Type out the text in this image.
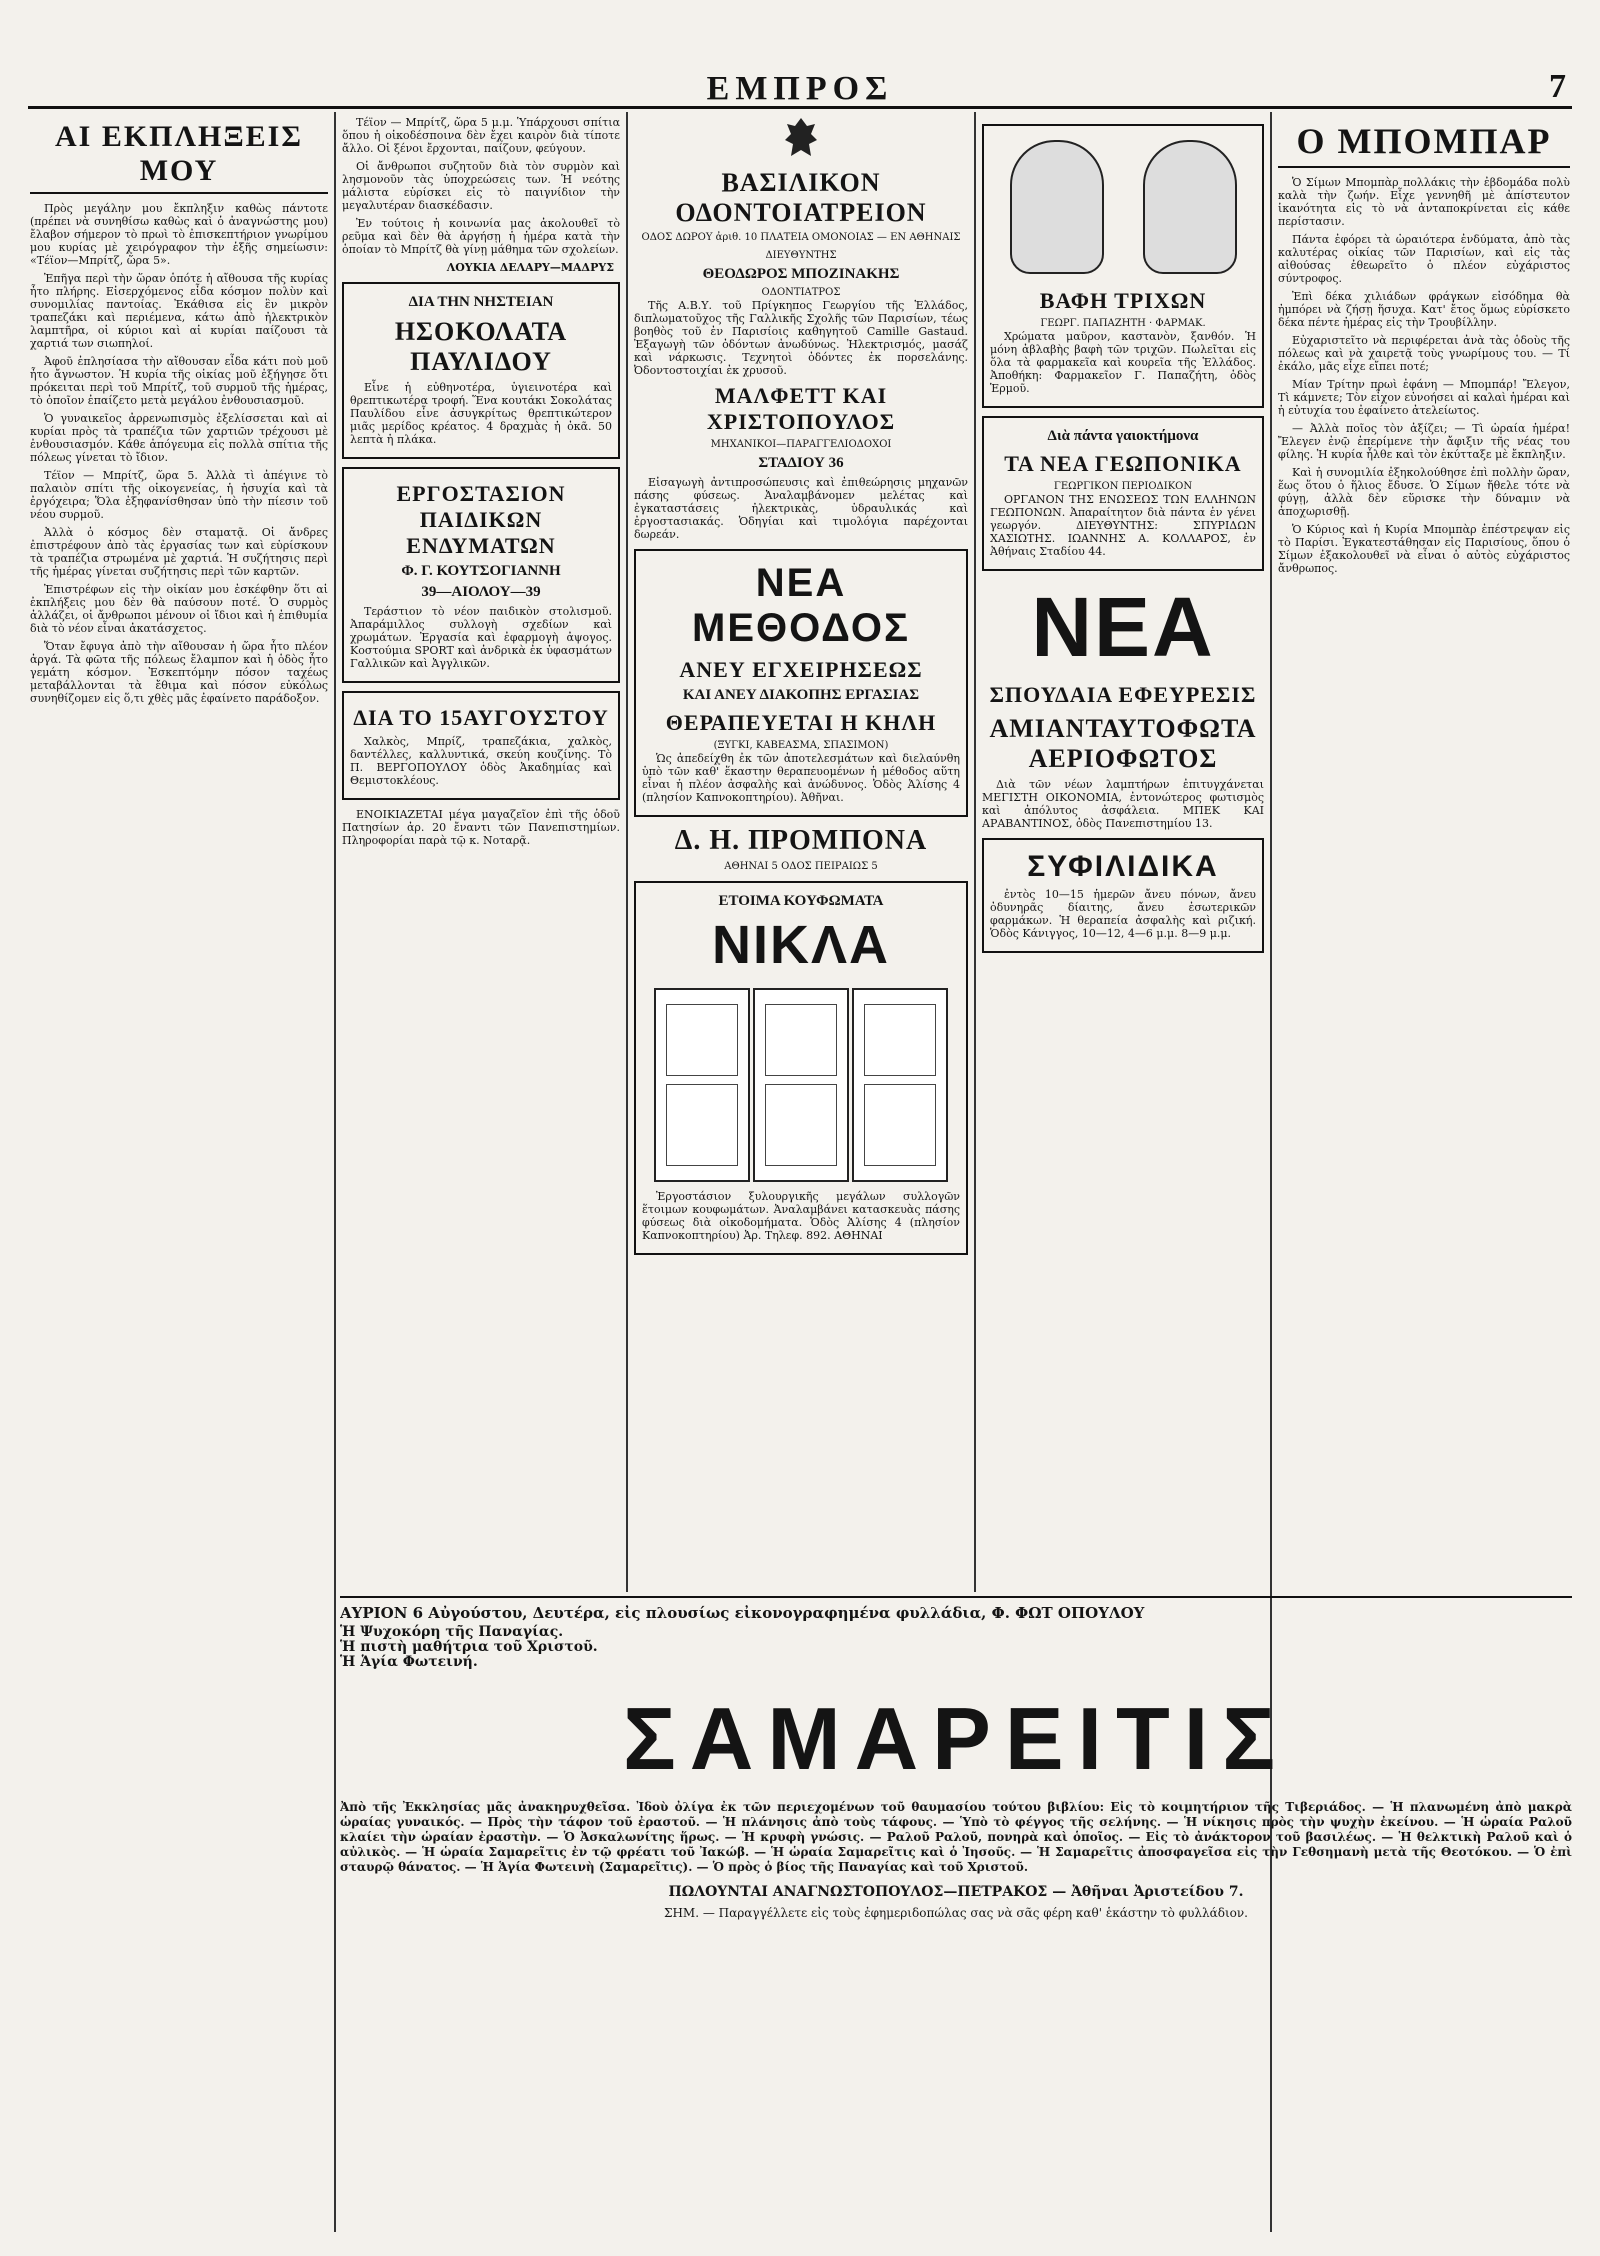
ΕΜΠΡΟΣ	7
ΑΙ ΕΚΠΛΗΞΕΙΣ ΜΟΥ

Πρὸς μεγάλην μου ἔκπληξιν καθὼς πάντοτε (πρέπει νὰ συνηθίσω καθὼς καὶ ὁ ἀναγνώστης μου) ἔλαβον σήμερον τὸ πρωὶ τὸ ἐπισκεπτήριον γνωρίμου μου κυρίας μὲ χειρόγραφον τὴν ἑξῆς σημείωσιν: «Τέϊον—Μπρίτζ, ὥρα 5».

Ἐπῆγα περὶ τὴν ὥραν ὁπότε ἡ αἴθουσα τῆς κυρίας ἦτο πλήρης. Εἰσερχόμενος εἶδα κόσμον πολὺν καὶ συνομιλίας παντοίας. Ἐκάθισα εἰς ἓν μικρὸν τραπεζάκι καὶ περιέμενα, κάτω ἀπὸ ἠλεκτρικὸν λαμπτῆρα, οἱ κύριοι καὶ αἱ κυρίαι παίζουσι τὰ χαρτιά των σιωπηλοί.

Ἀφοῦ ἐπλησίασα τὴν αἴθουσαν εἶδα κάτι ποὺ μοῦ ἦτο ἄγνωστον. Ἡ κυρία τῆς οἰκίας μοῦ ἐξήγησε ὅτι πρόκειται περὶ τοῦ Μπρίτζ, τοῦ συρμοῦ τῆς ἡμέρας, τὸ ὁποῖον ἐπαίζετο μετὰ μεγάλου ἐνθουσιασμοῦ.

Ὁ γυναικεῖος ἀρρενωπισμὸς ἐξελίσσεται καὶ αἱ κυρίαι πρὸς τὰ τραπέζια τῶν χαρτιῶν τρέχουσι μὲ ἐνθουσιασμόν. Κάθε ἀπόγευμα εἰς πολλὰ σπίτια τῆς πόλεως γίνεται τὸ ἴδιον.

Τέϊον — Μπρίτζ, ὥρα 5. Ἀλλὰ τὶ ἀπέγινε τὸ παλαιὸν σπίτι τῆς οἰκογενείας, ἡ ἡσυχία καὶ τὰ ἐργόχειρα; Ὅλα ἐξηφανίσθησαν ὑπὸ τὴν πίεσιν τοῦ νέου συρμοῦ.

Ἀλλὰ ὁ κόσμος δὲν σταματᾷ. Οἱ ἄνδρες ἐπιστρέφουν ἀπὸ τὰς ἐργασίας των καὶ εὑρίσκουν τὰ τραπέζια στρωμένα μὲ χαρτιά. Ἡ συζήτησις περὶ τῆς ἡμέρας γίνεται συζήτησις περὶ τῶν καρτῶν.

Ἐπιστρέφων εἰς τὴν οἰκίαν μου ἐσκέφθην ὅτι αἱ ἐκπλήξεις μου δὲν θὰ παύσουν ποτέ. Ὁ συρμὸς ἀλλάζει, οἱ ἄνθρωποι μένουν οἱ ἴδιοι καὶ ἡ ἐπιθυμία διὰ τὸ νέον εἶναι ἀκατάσχετος.

Ὅταν ἔφυγα ἀπὸ τὴν αἴθουσαν ἡ ὥρα ἦτο πλέον ἀργά. Τὰ φῶτα τῆς πόλεως ἔλαμπον καὶ ἡ ὁδὸς ἦτο γεμάτη κόσμον. Ἐσκεπτόμην πόσον ταχέως μεταβάλλονται τὰ ἔθιμα καὶ πόσον εὐκόλως συνηθίζομεν εἰς ὅ,τι χθὲς μᾶς ἐφαίνετο παράδοξον.

Τέϊον — Μπρίτζ, ὥρα 5 μ.μ. Ὑπάρχουσι σπίτια ὅπου ἡ οἰκοδέσποινα δὲν ἔχει καιρὸν διὰ τίποτε ἄλλο. Οἱ ξένοι ἔρχονται, παίζουν, φεύγουν.

Οἱ ἄνθρωποι συζητοῦν διὰ τὸν συρμὸν καὶ λησμονοῦν τὰς ὑποχρεώσεις των. Ἡ νεότης μάλιστα εὑρίσκει εἰς τὸ παιγνίδιον τὴν μεγαλυτέραν διασκέδασιν.

Ἐν τούτοις ἡ κοινωνία μας ἀκολουθεῖ τὸ ρεῦμα καὶ δὲν θὰ ἀργήσῃ ἡ ἡμέρα κατὰ τὴν ὁποίαν τὸ Μπρίτζ θὰ γίνῃ μάθημα τῶν σχολείων.

ΛΟΥΚΙΑ ΔΕΛΑΡΥ—ΜΑΔΡΥΣ
ΔΙΑ ΤΗΝ ΝΗΣΤΕΙΑΝ
ΗΣΟΚΟΛΑΤΑ ΠΑΥΛΙΔΟΥ

Εἶνε ἡ εὐθηνοτέρα, ὑγιεινοτέρα καὶ θρεπτικωτέρα τροφή. Ἕνα κουτάκι Σοκολάτας Παυλίδου εἶνε ἀσυγκρίτως θρεπτικώτερον μιᾶς μερίδος κρέατος. 4 δραχμὰς ἡ ὀκᾶ. 50 λεπτὰ ἡ πλάκα.

ΕΡΓΟΣΤΑΣΙΟΝ ΠΑΙΔΙΚΩΝ ΕΝΔΥΜΑΤΩΝ
Φ. Γ. ΚΟΥΤΣΟΓΙΑΝΝΗ
39—ΑΙΟΛΟΥ—39

Τεράστιον τὸ νέον παιδικὸν στολισμοῦ. Ἀπαράμιλλος συλλογὴ σχεδίων καὶ χρωμάτων. Ἐργασία καὶ ἐφαρμογὴ ἀψογος. Κοστούμια SPORT καὶ ἀνδρικὰ ἐκ ὑφασμάτων Γαλλικῶν καὶ Ἀγγλικῶν.

ΔΙΑ ΤΟ 15ΑΥΓΟΥΣΤΟΥ

Χαλκὸς, Μπρίζ, τραπεζάκια, χαλκὸς, δαντέλλες, καλλυντικά, σκεύη κουζίνης. Τὸ Π. ΒΕΡΓΟΠΟΥΛΟΥ ὁδὸς Ἀκαδημίας καὶ Θεμιστοκλέους.

ΕΝΟΙΚΙΑΖΕΤΑΙ μέγα μαγαζεῖον ἐπὶ τῆς ὁδοῦ Πατησίων ἀρ. 20 ἔναντι τῶν Πανεπιστημίων. Πληροφορίαι παρὰ τῷ κ. Νοταρᾷ.

ΒΑΣΙΛΙΚΟΝ ΟΔΟΝΤΟΙΑΤΡΕΙΟΝ
ΟΔΟΣ ΔΩΡΟΥ ἀριθ. 10 ΠΛΑΤΕΙΑ ΟΜΟΝΟΙΑΣ — ΕΝ ΑΘΗΝΑΙΣ
ΔΙΕΥΘΥΝΤΗΣ
ΘΕΟΔΩΡΟΣ ΜΠΟΖΙΝΑΚΗΣ
ΟΔΟΝΤΙΑΤΡΟΣ

Τῆς Α.Β.Υ. τοῦ Πρίγκηπος Γεωργίου τῆς Ἑλλάδος, διπλωματοῦχος τῆς Γαλλικῆς Σχολῆς τῶν Παρισίων, τέως βοηθὸς τοῦ ἐν Παρισίοις καθηγητοῦ Camille Gastaud. Ἐξαγωγὴ τῶν ὀδόντων ἀνωδύνως. Ἠλεκτρισμός, μασάζ καὶ νάρκωσις. Τεχνητοὶ ὀδόντες ἐκ πορσελάνης. Ὀδοντοστοιχίαι ἐκ χρυσοῦ.

ΜΑΛΦΕΤΤ ΚΑΙ ΧΡΙΣΤΟΠΟΥΛΟΣ
ΜΗΧΑΝΙΚΟΙ—ΠΑΡΑΓΓΕΛΙΟΔΟΧΟΙ
ΣΤΑΔΙΟΥ 36

Εἰσαγωγὴ ἀντιπροσώπευσις καὶ ἐπιθεώρησις μηχανῶν πάσης φύσεως. Ἀναλαμβάνομεν μελέτας καὶ ἐγκαταστάσεις ἠλεκτρικὰς, ὑδραυλικάς καὶ ἐργοστασιακάς. Ὁδηγίαι καὶ τιμολόγια παρέχονται δωρεάν.

ΝΕΑ ΜΕΘΟΔΟΣ
ΑΝΕΥ ΕΓΧΕΙΡΗΣΕΩΣ
ΚΑΙ ΑΝΕΥ ΔΙΑΚΟΠΗΣ ΕΡΓΑΣΙΑΣ
ΘΕΡΑΠΕΥΕΤΑΙ Η ΚΗΛΗ
(ΞΥΓΚΙ, ΚΑΒΕΑΣΜΑ, ΣΠΑΣΙΜΟΝ)

Ὡς ἀπεδείχθη ἐκ τῶν ἀποτελεσμάτων καὶ διελαύνθη ὑπὸ τῶν καθ' ἕκαστην θεραπευομένων ἡ μέθοδος αὕτη εἶναι ἡ πλέον ἀσφαλὴς καὶ ἀνώδυνος. Ὁδὸς Ἀλίσης 4 (πλησίον Καπνοκοπτηρίου). Ἀθῆναι.

Δ. Η. ΠΡΟΜΠΟΝΑ
ΑΘΗΝΑΙ 5 ΟΔΟΣ ΠΕΙΡΑΙΩΣ 5
ΕΤΟΙΜΑ ΚΟΥΦΩΜΑΤΑ
ΝΙΚΛΑ

Ἐργοστάσιον ξυλουργικῆς μεγάλων συλλογῶν ἕτοιμων κουφωμάτων. Ἀναλαμβάνει κατασκευὰς πάσης φύσεως διὰ οἰκοδομήματα. Ὁδὸς Ἀλίσης 4 (πλησίον Καπνοκοπτηρίου) Ἀρ. Τηλεφ. 892. ΑΘΗΝΑΙ

ΒΑΦΗ ΤΡΙΧΩΝ
ΓΕΩΡΓ. ΠΑΠΑΖΗΤΗ · ΦΑΡΜΑΚ.

Χρώματα μαῦρον, καστανὸν, ξανθόν. Ἡ μόνη ἀβλαβὴς βαφὴ τῶν τριχῶν. Πωλεῖται εἰς ὅλα τὰ φαρμακεῖα καὶ κουρεῖα τῆς Ἑλλάδος. Ἀποθήκη: Φαρμακεῖον Γ. Παπαζήτη, ὁδὸς Ἑρμοῦ.

Διὰ πάντα γαιοκτήμονα
ΤΑ ΝΕΑ ΓΕΩΠΟΝΙΚΑ
ΓΕΩΡΓΙΚΟΝ ΠΕΡΙΟΔΙΚΟΝ

ΟΡΓΑΝΟΝ ΤΗΣ ΕΝΩΣΕΩΣ ΤΩΝ ΕΛΛΗΝΩΝ ΓΕΩΠΟΝΩΝ. Ἀπαραίτητον διὰ πάντα ἐν γένει γεωργόν. ΔΙΕΥΘΥΝΤΗΣ: ΣΠΥΡΙΔΩΝ ΧΑΣΙΩΤΗΣ. ΙΩΑΝΝΗΣ Α. ΚΟΛΛΑΡΟΣ, ἐν Ἀθήναις Σταδίου 44.

ΝΕΑ
ΣΠΟΥΔΑΙΑ ΕΦΕΥΡΕΣΙΣ
ΑΜΙΑΝΤΑΥΤΟΦΩΤΑ ΑΕΡΙΟΦΩΤΟΣ

Διὰ τῶν νέων λαμπτήρων ἐπιτυγχάνεται ΜΕΓΙΣΤΗ ΟΙΚΟΝΟΜΙΑ, ἐντονώτερος φωτισμὸς καὶ ἀπόλυτος ἀσφάλεια. ΜΠΕΚ ΚΑΙ ΑΡΑΒΑΝΤΙΝΟΣ, ὁδὸς Πανεπιστημίου 13.

ΣΥΦΙΛΙΔΙΚΑ

ἐντὸς 10—15 ἡμερῶν ἄνευ πόνων, ἄνευ ὀδυνηρᾶς δίαιτης, ἄνευ ἐσωτερικῶν φαρμάκων. Ἡ θεραπεία ἀσφαλὴς καὶ ριζική. Ὁδὸς Κάνιγγος, 10—12, 4—6 μ.μ. 8—9 μ.μ.

Ο ΜΠΟΜΠΑΡ

Ὁ Σίμων Μπομπὰρ πολλάκις τὴν ἐβδομάδα πολὺ καλὰ τὴν ζωήν. Εἶχε γεννηθῆ μὲ ἀπίστευτον ἱκανότητα εἰς τὸ νὰ ἀνταποκρίνεται εἰς κάθε περίστασιν.

Πάντα ἐφόρει τὰ ὡραιότερα ἐνδύματα, ἀπὸ τὰς καλυτέρας οἰκίας τῶν Παρισίων, καὶ εἰς τὰς αἰθούσας ἐθεωρεῖτο ὁ πλέον εὐχάριστος σύντροφος.

Ἐπὶ δέκα χιλιάδων φράγκων εἰσόδημα θὰ ἠμπόρει νὰ ζήσῃ ἥσυχα. Κατ' ἔτος ὅμως εὑρίσκετο δέκα πέντε ἡμέρας εἰς τὴν Τρουβίλλην.

Εὐχαριστεῖτο νὰ περιφέρεται ἀνὰ τὰς ὁδοὺς τῆς πόλεως καὶ νὰ χαιρετᾷ τοὺς γνωρίμους του. — Τί ἐκάλο, μᾶς εἶχε εἴπει ποτέ;

Μίαν Τρίτην πρωὶ ἐφάνη — Μπομπάρ! Ἔλεγον, Τὶ κάμνετε; Τὸν εἶχον εὐνοήσει αἱ καλαὶ ἡμέραι καὶ ἡ εὐτυχία του ἐφαίνετο ἀτελείωτος.

— Ἀλλὰ ποῖος τὸν ἀξίζει; — Τὶ ὡραία ἡμέρα! Ἔλεγεν ἐνῷ ἐπερίμενε τὴν ἄφιξιν τῆς νέας του φίλης. Ἡ κυρία ἦλθε καὶ τὸν ἐκύτταξε μὲ ἔκπληξιν.

Καὶ ἡ συνομιλία ἐξηκολούθησε ἐπὶ πολλὴν ὥραν, ἕως ὅτου ὁ ἥλιος ἔδυσε. Ὁ Σίμων ἤθελε τότε νὰ φύγῃ, ἀλλὰ δὲν εὕρισκε τὴν δύναμιν νὰ ἀποχωρισθῇ.

Ὁ Κύριος καὶ ἡ Κυρία Μπομπὰρ ἐπέστρεψαν εἰς τὸ Παρίσι. Ἐγκατεστάθησαν εἰς Παρισίους, ὅπου ὁ Σίμων ἐξακολουθεῖ νὰ εἶναι ὁ αὐτὸς εὐχάριστος ἄνθρωπος.

ΑΥΡΙΟΝ 6 Αὐγούστου, Δευτέρα, εἰς πλουσίως εἰκονογραφημένα φυλλάδια, Φ. ΦΩΤ ΟΠΟΥΛΟΥ
Ἡ Ψυχοκόρη τῆς Παναγίας.
Ἡ πιστὴ μαθήτρια τοῦ Χριστοῦ.
Ἡ Ἁγία Φωτεινή.
ΣΑΜΑΡΕΙΤΙΣ

Ἀπὸ τῆς Ἐκκλησίας μᾶς ἀνακηρυχθεῖσα. Ἰδοὺ ὀλίγα ἐκ τῶν περιεχομένων τοῦ θαυμασίου τούτου βιβλίου: Εἰς τὸ κοιμητήριον τῆς Τιβεριάδος. — Ἡ πλανωμένη ἀπὸ μακρὰ ὡραίας γυναικός. — Πρὸς τὴν τάφον τοῦ ἐραστοῦ. — Ἡ πλάνησις ἀπὸ τοὺς τάφους. — Ὑπὸ τὸ φέγγος τῆς σελήνης. — Ἡ νίκησις πρὸς τὴν ψυχὴν ἐκείνου. — Ἡ ὡραία Ραλοῦ κλαίει τὴν ὡραίαν ἐραστὴν. — Ὁ Ἀσκαλωνίτης ἥρως. — Ἡ κρυφὴ γνώσις. — Ραλοῦ Ραλοῦ, πονηρὰ καὶ ὁποῖος. — Εἰς τὸ ἀνάκτορον τοῦ βασιλέως. — Ἡ θελκτικὴ Ραλοῦ καὶ ὁ αὐλικὸς. — Ἡ ὡραία Σαμαρεῖτις ἐν τῷ φρέατι τοῦ Ἰακώβ. — Ἡ ὡραία Σαμαρεῖτις καὶ ὁ Ἰησοῦς. — Ἡ Σαμαρεῖτις ἀποσφαγεῖσα εἰς τὴν Γεθσημανὴ μετὰ τῆς Θεοτόκου. — Ὁ ἐπὶ σταυρῷ θάνατος. — Ἡ Ἁγία Φωτεινὴ (Σαμαρεῖτις). — Ὁ πρὸς ὁ βίος τῆς Παναγίας καὶ τοῦ Χριστοῦ.

ΠΩΛΟΥΝΤΑΙ ΑΝΑΓΝΩΣΤΟΠΟΥΛΟΣ—ΠΕΤΡΑΚΟΣ — Ἀθῆναι Ἀριστείδου 7.
ΣΗΜ. — Παραγγέλλετε εἰς τοὺς ἐφημεριδοπώλας σας νὰ σᾶς φέρη καθ' ἑκάστην τὸ φυλλάδιον.
